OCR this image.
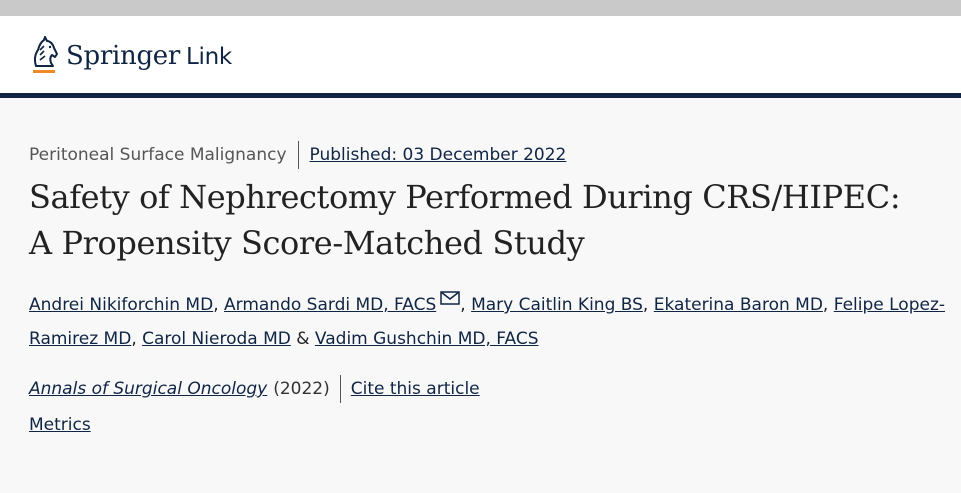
Springer Link
Peritoneal Surface Malignancy Published: 03 December 2022
Safety of Nephrectomy Performed During CRS/HIPEC:
A Propensity Score-Matched Study
Andrei Nikiforchin MD, Armando Sardi MD, FACS , Mary Caitlin King BS, Ekaterina Baron MD, Felipe Lopez-Ramirez MD, Carol Nieroda MD & Vadim Gushchin MD, FACS
Annals of Surgical Oncology (2022) Cite this article
Metrics
